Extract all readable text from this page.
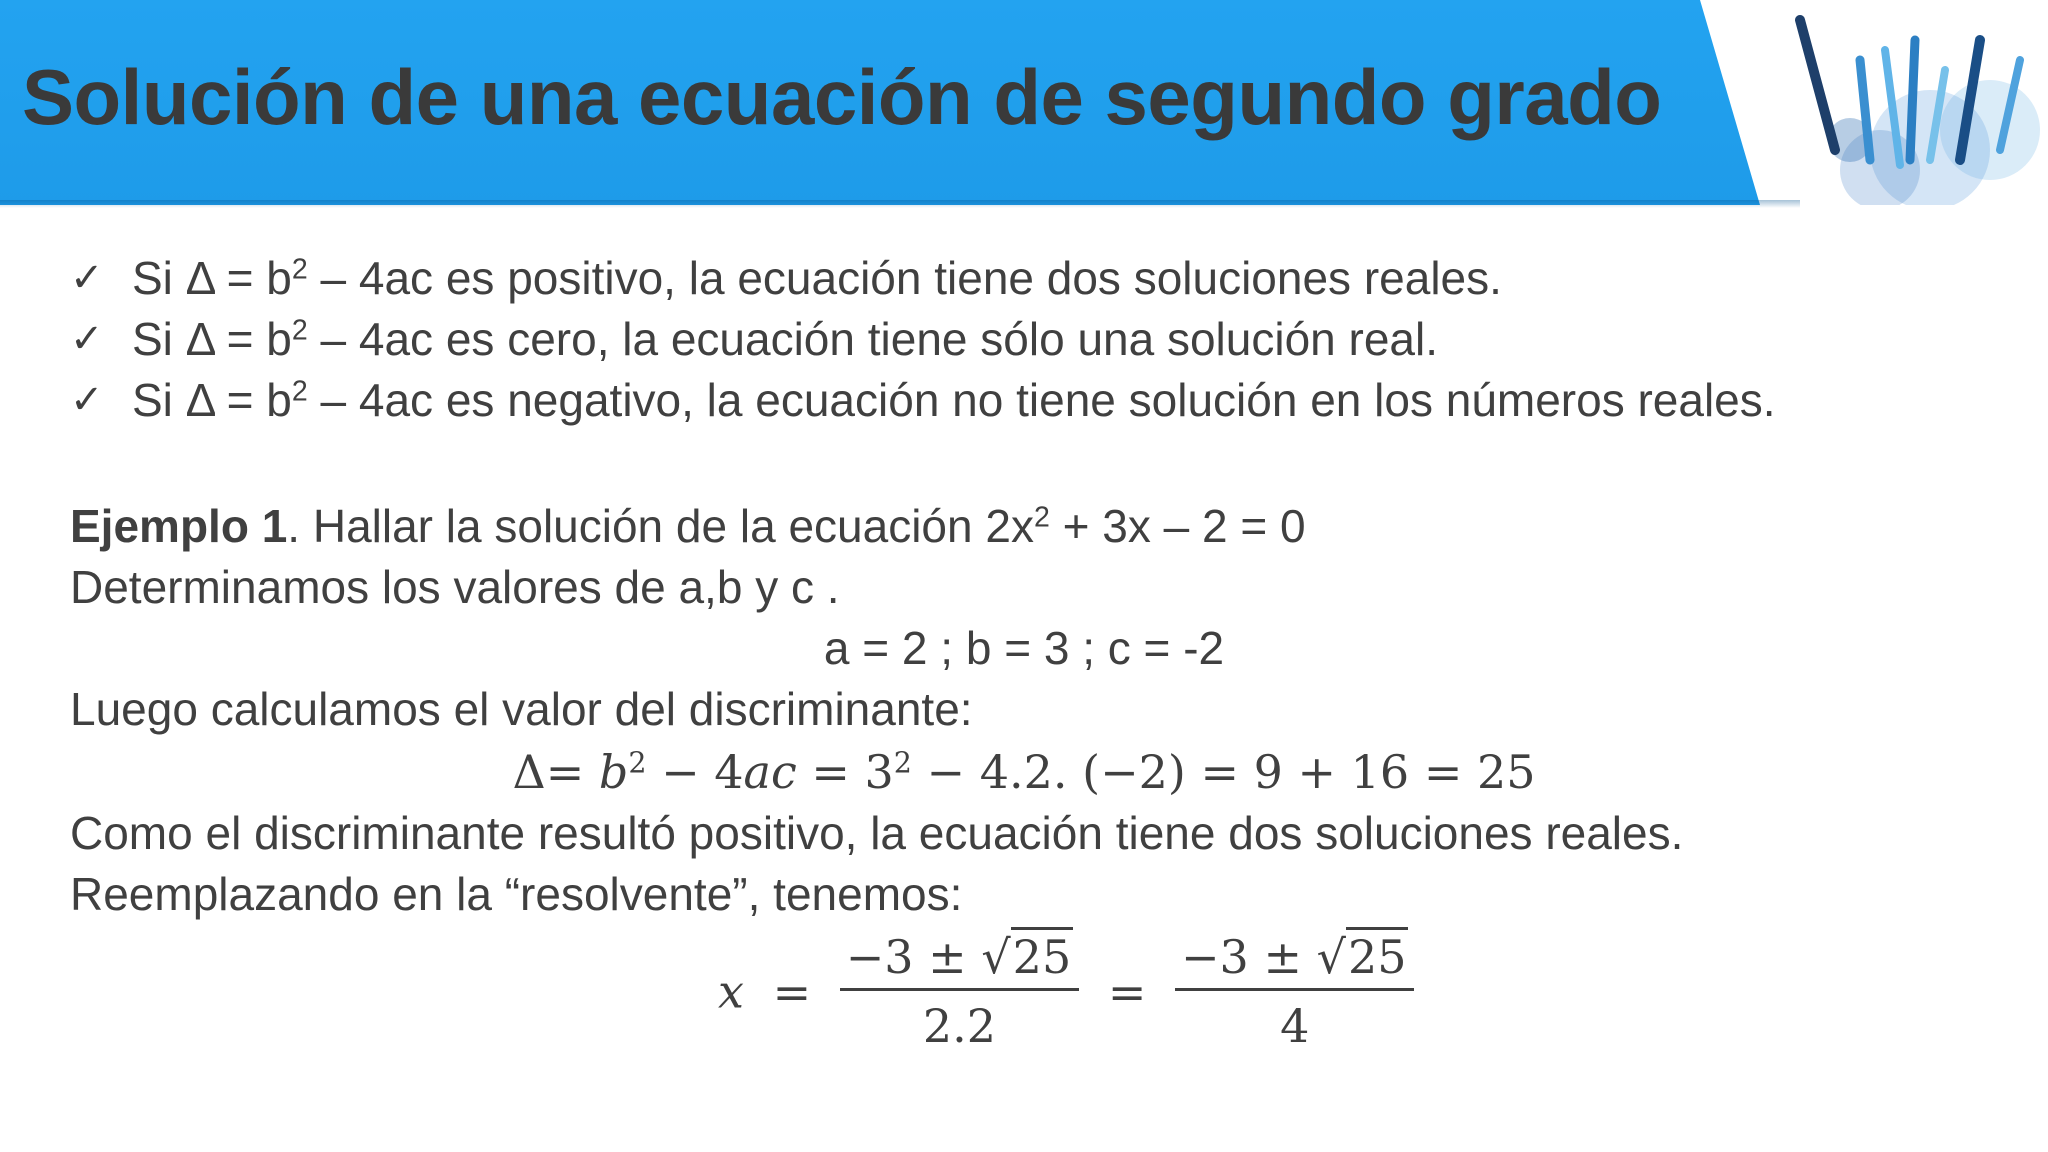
Solución de una ecuación de segundo grado
✓ Si $\Delta = b^2 - 4ac$ es positivo, la ecuación tiene dos soluciones reales.
✓ Si $\Delta = b^2 - 4ac$ es cero, la ecuación tiene sólo una solución real.
✓ Si $\Delta = b^2 - 4ac$ es negativo, la ecuación no tiene solución en los números reales.
Ejemplo 1. Hallar la solución de la ecuación $2x^2 + 3x - 2 = 0$
Determinamos los valores de a,b y c .
a = 2 ; b = 3 ; c = -2
Luego calculamos el valor del discriminante:
$\Delta= b^2 - 4ac = 3^2 - 4.2$. (−2) = 9 + 16 = 25
Como el discriminante resultó positivo, la ecuación tiene dos soluciones reales.
Reemplazando en la “resolvente”, tenemos:
$x = \frac{-3 \pm √25}{2.2} = \frac{-3 \pm √25}{4}$
